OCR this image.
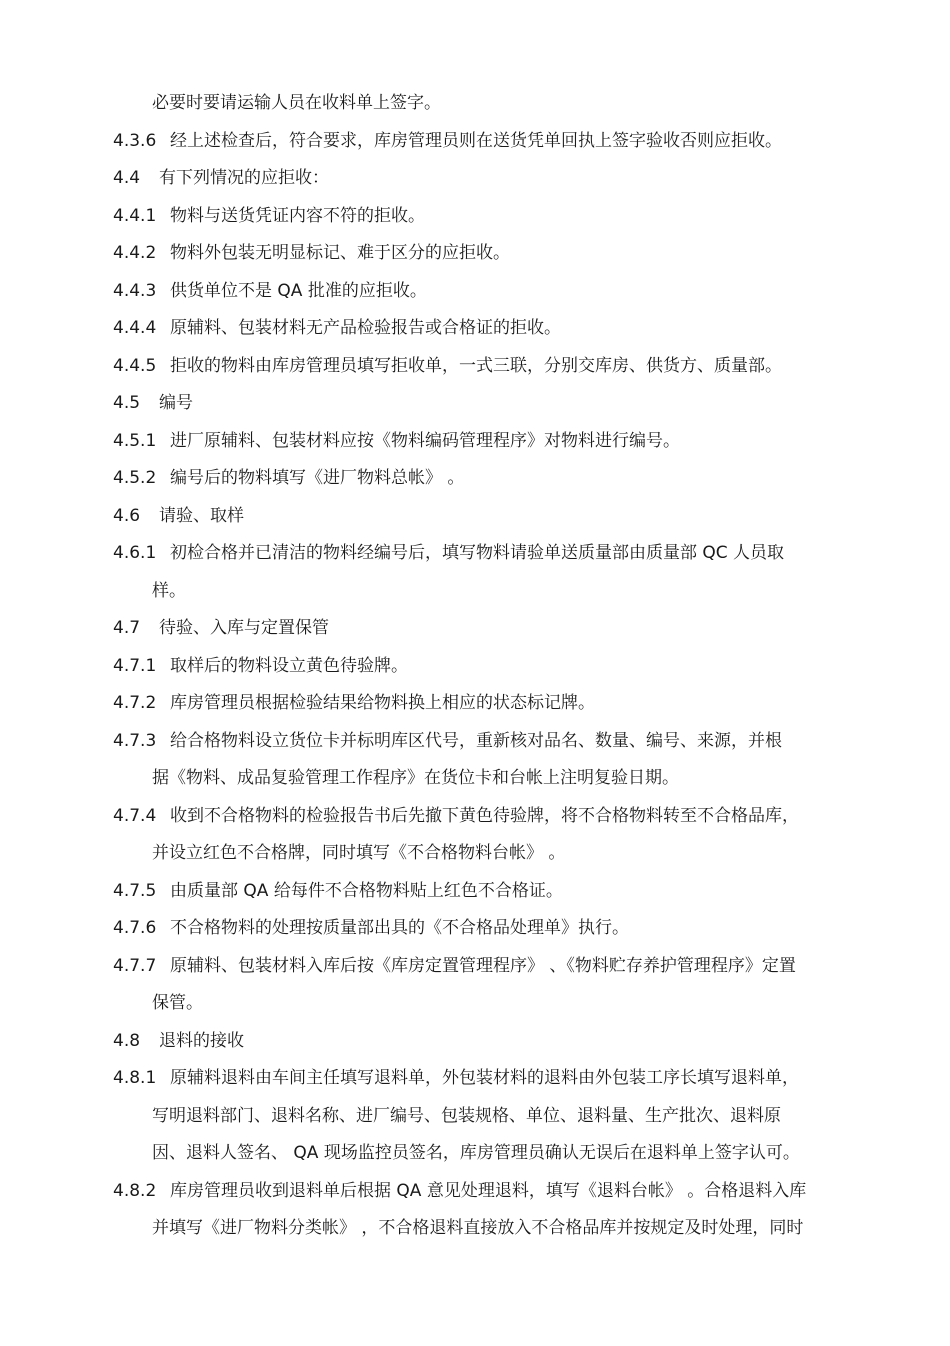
必要时要请运输人员在收料单上签字。
4.3.6 经上述检查后，符合要求，库房管理员则在送货凭单回执上签字验收否则应拒收。
4.4 有下列情况的应拒收：
4.4.1 物料与送货凭证内容不符的拒收。
4.4.2 物料外包装无明显标记、难于区分的应拒收。
4.4.3 供货单位不是 QA 批准的应拒收。
4.4.4 原辅料、包装材料无产品检验报告或合格证的拒收。
4.4.5 拒收的物料由库房管理员填写拒收单，一式三联，分别交库房、供货方、质量部。
4.5 编号
4.5.1 进厂原辅料、包装材料应按《物料编码管理程序》对物料进行编号。
4.5.2 编号后的物料填写《进厂物料总帐》 。
4.6 请验、取样
4.6.1 初检合格并已清洁的物料经编号后，填写物料请验单送质量部由质量部 QC 人员取
样。
4.7 待验、入库与定置保管
4.7.1 取样后的物料设立黄色待验牌。
4.7.2 库房管理员根据检验结果给物料换上相应的状态标记牌。
4.7.3 给合格物料设立货位卡并标明库区代号，重新核对品名、数量、编号、来源，并根
据《物料、成品复验管理工作程序》在货位卡和台帐上注明复验日期。
4.7.4 收到不合格物料的检验报告书后先撤下黄色待验牌，将不合格物料转至不合格品库，
并设立红色不合格牌，同时填写《不合格物料台帐》 。
4.7.5 由质量部 QA 给每件不合格物料贴上红色不合格证。
4.7.6 不合格物料的处理按质量部出具的《不合格品处理单》执行。
4.7.7 原辅料、包装材料入库后按《库房定置管理程序》 、《物料贮存养护管理程序》定置
保管。
4.8 退料的接收
4.8.1 原辅料退料由车间主任填写退料单，外包装材料的退料由外包装工序长填写退料单，
写明退料部门、退料名称、进厂编号、包装规格、单位、退料量、生产批次、退料原
因、退料人签名、 QA 现场监控员签名，库房管理员确认无误后在退料单上签字认可。
4.8.2 库房管理员收到退料单后根据 QA 意见处理退料，填写《退料台帐》 。合格退料入库
并填写《进厂物料分类帐》 ，不合格退料直接放入不合格品库并按规定及时处理，同时
